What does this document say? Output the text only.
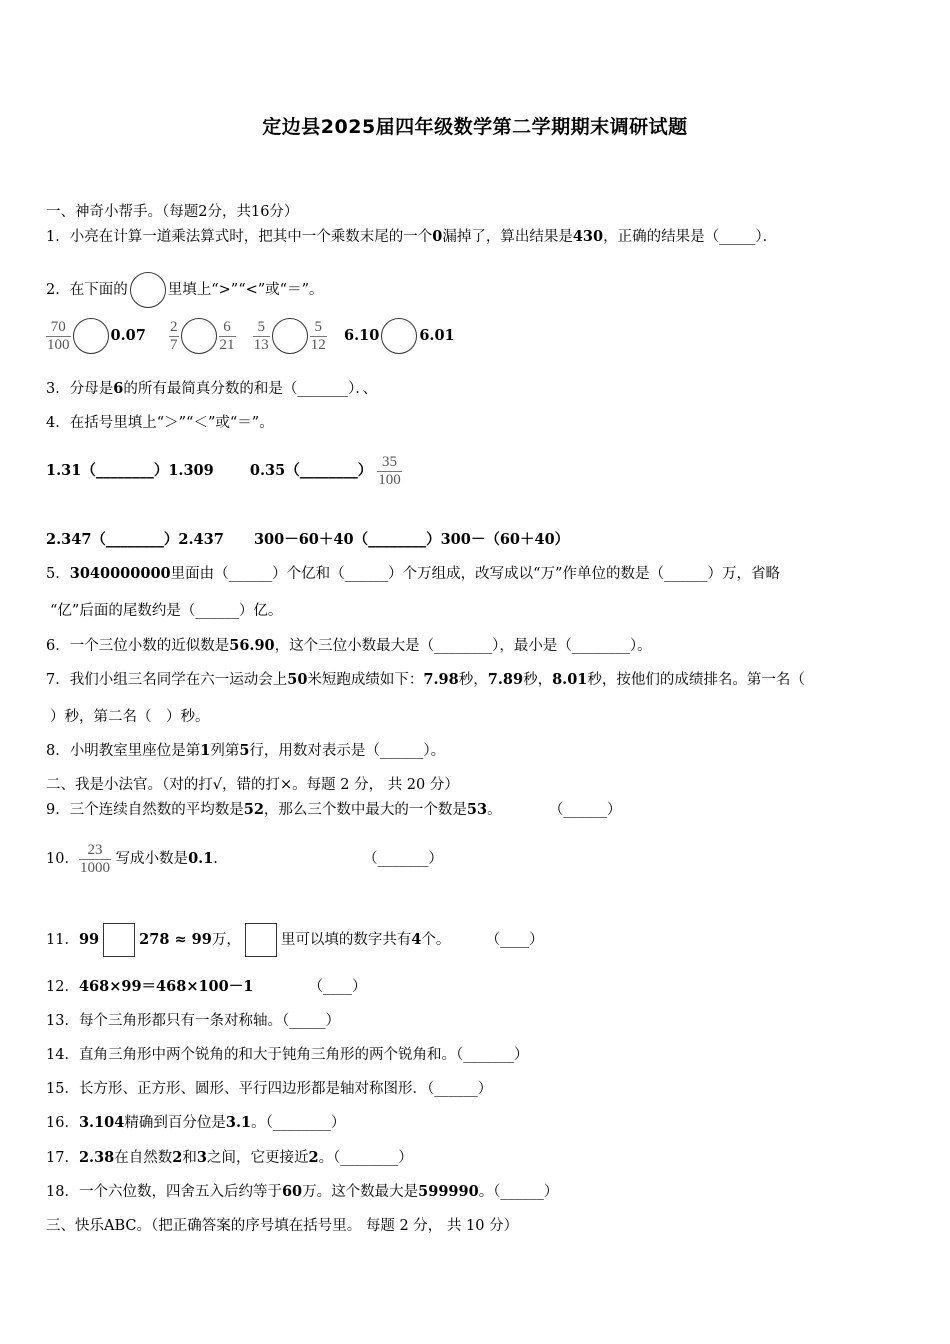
定边县2025届四年级数学第二学期期末调研试题
一、神奇小帮手。（每题2分，共16分）
1．小亮在计算一道乘法算式时，把其中一个乘数末尾的一个0漏掉了，算出结果是430，正确的结果是（_____）．
2．在下面的	里填上“>”“<”或“＝”。
$\frac{70}{100}$	$0.07 \frac{2}{7}$	$\frac{6}{21}$
$\frac{5}{13}$	$\frac{5}{12} 6.10$	6.01
3．分母是6的所有最简真分数的和是（_______）．、
4．在括号里填上“＞”“＜”或“＝”。
1.31（________）1.309 0.35（________） $\frac{35}{100}$
2.347（________）2.437 300－60＋40（________）300－（60＋40）
5．3040000000里面由（______）个亿和（______）个万组成，改写成以“万”作单位的数是（______）万，省略
“亿”后面的尾数约是（______）亿。
6．一个三位小数的近似数是56.90，这个三位小数最大是（________），最小是（________）。
7．我们小组三名同学在六一运动会上50米短跑成绩如下：7.98秒，7.89秒，8.01秒，按他们的成绩排名。第一名（
）秒，第二名（　）秒。
8．小明教室里座位是第1列第5行，用数对表示是（______）。
二、我是小法官。（对的打√，错的打×。每题 2 分， 共 20 分）
9．三个连续自然数的平均数是52，那么三个数中最大的一个数是53。	（______）
10． $\frac{23}{1000}$ 写成小数是0.1.	（_______）
11．99	278 ≈ 99万，	里可以填的数字共有4个。 （____）
12．468×99＝468×100－1	（____）
13．每个三角形都只有一条对称轴。（_____）
14．直角三角形中两个锐角的和大于钝角三角形的两个锐角和。（_______）
15．长方形、正方形、圆形、平行四边形都是轴对称图形．（______）
16．3.104精确到百分位是3.1。（________）
17．2.38在自然数2和3之间，它更接近2。（________）
18．一个六位数，四舍五入后约等于60万。这个数最大是599990。（______）
三、快乐ABC。（把正确答案的序号填在括号里。 每题 2 分， 共 10 分）
